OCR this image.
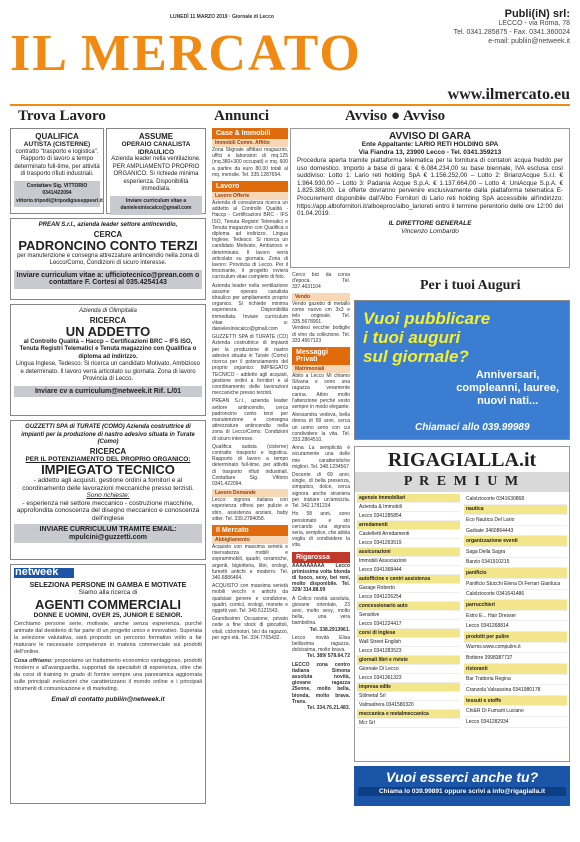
LUNEDÌ 11 MARZO 2019 · Giornale di Lecco
IL MERCATO
Publi(iN) srl:
LECCO - via Roma, 78
Tel. 0341.285875 - Fax. 0341.360024
e-mail: publiin@netweek.it
www.ilmercato.eu
Trova Lavoro	Annunci	Avviso ● Avviso
QUALIFICA
AUTISTA (CISTERNE)
contratto "trasporto e logistica". Rapporto di lavoro a tempo determinato full-time, per attività di trasporto rifiuti industriali.
Contattare Sig. VITTORIO 0341/422094 vittorio.tripodi@tripodigiuseppesrl.it
ASSUME
OPERAIO CANALISTA IDRAULICO
Azienda leader nella ventilazione. PER AMPLIAMENTO PROPRIO ORGANICO. Si richiede minima esperienza. Disponibilità immediata.
Inviare curriculum vitae a danielesiniscalco@gmail.com
PREAN S.r.l., azienda leader settore antincendio,
CERCA
PADRONCINO CONTO TERZI
per manutenzione e consegna attrezzature antincendio nella zona di Lecco/Como, Condizioni di sicuro interesse.
Inviare curriculum vitae a: ufficiotecnico@prean.com o contattare F. Cortesi al 035.4254143
Azienda di Olimpitalia
RICERCA
UN ADDETTO
al Controllo Qualità – Haccp – Certificazioni BRC – IFS ISO, Tenuta Registri Telematici e Tenuta magazzino con Qualifica o diploma ad indirizzo.
Lingua Inglese, Tedesco. Si ricerca un candidato Motivato, Ambizioso e determinato. Il lavoro verrà articolato su giornata. Zona di lavoro Provincia di Lecco.
Inviare cv a curriculum@netweek.it Rif. L/01
GUZZETTI SPA di TURATE (COMO) Azienda costruttrice di impianti per la produzione di nastro adesivo situata in Turate (Como)
RICERCA
PER IL POTENZIAMENTO DEL PROPRIO ORGANICO:
IMPIEGATO TECNICO
- addetto agli acquisti, gestione ordini a fornitori e al coordinamento delle lavorazioni meccaniche presso terzisti.
Sono richieste:
- esperienza nel settore meccanico - costruzione macchine, approfondita conoscenza del disegno meccanico e conoscenza dell'inglese
INVIARE CURRICULUM TRAMITE EMAIL: mpulcini@guzzetti.com
netweek
SELEZIONA PERSONE IN GAMBA E MOTIVATE
Siamo alla ricerca di
AGENTI COMMERCIALI
DONNE E UOMINI, OVER 25, JUNIOR E SENIOR.
Cerchiamo persone serie, motivate, anche senza esperienza, purché animate dal desiderio di far parte di un progetto unico e innovativo. Superata la selezione valutativa, sarà proposto un percorso formativo volto a far maturare le necessarie competenze in materia commerciale sui prodotti dell'online.
Cosa offriamo: proponiamo un trattamento economico vantaggioso, prodotti moderni e all'avanguardia, supportati da specialisti di esperienza, oltre che da corsi di training in grado di fornire sempre una panoramica aggiornata sulle principali evoluzioni che caratterizzano il mondo online e i principali strumenti di comunicazione e di marketing.
Email di contatto publiin@netweek.it
Case & Immobili
Immobili Comm. Affitto
Zona Stignate affittasi magazzini, uffici e laboratori di mq.125 (mq.380+300 occupati) e mq. 600 a partire da euro 80,00 totali al mq. mensile. Tel. 335.1287654.
Lavoro
Lavoro Offerte
Azienda di consulenza ricerca un addetto al Controllo Qualità - Haccp - Certificazioni BRC - IFS ISO, Tenuta Registri Telematici e Tenuta magazzino con Qualifica o diploma ad indirizzo. Lingua Inglese, Tedesco. Si ricerca un candidato Motivato, Ambizioso e determinato. Il lavoro verrà articolato su giornata. Zona di lavoro: Provincia di Lecco. Per il tirocinante, il progetto invierà curriculum vitae completo di foto.
Azienda leader nella ventilazione assume operaio canalista idraulico per ampliamento proprio organico. Si richiede minima esperienza. Disponibilità immediata. Inviare curriculum vitae a: danielesiniscalco@gmail.com
GUZZETTI SPA di TURATE (CO) Azienda costruttrice di impianti per la produzione di nastro adesivo situata in Turate (Como) ricerca per il potenziamento del proprio organico: IMPIEGATO TECNICO - addetto agli acquisti, gestione ordini a fornitori e al coordinamento delle lavorazioni meccaniche presso terzisti.
PREAN S.r.l., azienda leader settore antincendio, cerca padroncino conto terzi per manutenzione e consegna attrezzature antincendio nella zona di Lecco/Como. Condizioni di sicuro interesse.
Qualifica autista (cisterne) contratto trasporto e logistica. Rapporto di lavoro a tempo determinato full-time, per attività di trasporto rifiuti industriali. Contattare Sig. Vittorio 0341.422094.
Lavoro Domande
Lecco: signora italiana con esperienza offresi per pulizie e stiro, assistenza anziani, baby sitter. Tel. 339.2784058.
Il Mercato
Abbigliamento
Acquisto con massima serietà e riservatezza mobili e soprammobili, quadri, ceramiche, argenti, bigiotteria, libri, orologi, fumetti antichi e moderni. Tel. 340.6886464.
ACQUISTO con massima serietà mobili vecchi e antichi da qualsiasi genere e condizione, quadri, cornici, orologi, monete e oggetti vari. Tel. 349.5121543.
Grandissimo Occasione, privato cede a fine stock di giocattoli, vitali, ciclomotori, bici da ragazzo, per ogni età. Tel. 334.7765432.
Cerco bici da corsa d'epoca. Tel. 337.4631104
Vendo
Vendo gazebo di metallo come nuovo cm 3x3 e telo originale. Tel. 335.5678901.
Vendesi vecchie bottiglie di vino da collezione. Tel. 333.4567123
Messaggi Privati
Matrimoniali
Abito a Lecco Mi chiamo Silvana e sono una ragazza veramente carina. Attiro molto l'attenzione perché vesto sempre in modo elegante.
Alessandra vedova, bella donna di 58 anni, cerca un uomo serio con cui condividere la vita. Tel. 333.2864510.
Anna La semplicità è sicuramente una delle mie caratteristiche migliori. Tel. 348.1234567
Docente di 69 anni, single, di bella presenza, simpatico, dolce, cerca signora anche straniera per iniziare un'amicizia. Tel. 342.1781234
Ho 58 anni, sono pensionato e sto cercando una signora seria, semplice, che abbia voglia di condividere la vita.
Rigarossa
AAAAAAAAA Lecco primissima volta bionda di fuoco, sexy, bei reni, molto disponibile. Tel. 329/ 314.88.09
A Colico novità assoluta, giovane orientale, 23 anni, molto sexy, molto bella, una vera bambolina.
Tel. 338.2913961.
Lecco novità Elisa bellissima ragazza, dolcissima, molto brava.
Tel. 389/ 578.64.72
LECCO zona centro italiana Simona assoluta novità, giovane ragazza 25enne, molto bella, bionda, molto brava. Trans.
Tel. 334.76.21.483.
AVVISO DI GARA
Ente Appaltante: LARIO RETI HOLDING SPA
Via Fiandra 13, 23900 Lecco - Tel. 0341.359213
Procedura aperta tramite piattaforma telematica per la fornitura di contatori acqua freddo per uso domestico. Importo a base di gara: € 6.084.234,00 su base biennale, IVA esclusa così suddiviso: Lotto 1: Lario reti holding SpA € 1.156.252,00 – Lotto 2: BrianzAcque S.r.l. € 1.964.930,00 – Lotto 3: Padania Acque S.p.A. € 1.137.664,00 – Lotto 4: UniAcque S.p.A. € 1.825.388,00. Le offerte dovranno pervenire esclusivamente dalla piattaforma telematica E-Procurement disponibile dall'Albo Fornitori di Lario reti holding SpA accessibile all'indirizzo: https://app.albofornitori.it/alboeproc/albo_larioreti entro il termine perentorio delle ore 12:00 del 01.04.2019.
IL DIRETTORE GENERALE
Vincenzo Lombardo
Per i tuoi Auguri
Vuoi pubblicare
i tuoi auguri
sul giornale?
Anniversari,
compleanni, lauree,
nuovi nati...
Chiamaci allo 039.99989
RIGAGIALLA.it
P R E M I U M
agenzie immobiliari
Azienda & Immobili
Lecco 0341285854
arredamenti
Castelletti Arredamenti
Lecco 0341263519
assicurazioni
Immobili Associazioni
Lecco 0341368444
autofficine e centri assistenza
Garage Roberto
Lecco 0341226254
concessionario auto
Sensitive
Lecco 0341224417
corsi di inglese
Wall Street English
Lecco 0341283523
giornali libri e riviste
Giornale Di Lecco
Lecco 0341361323
impresa edile
Stilmetal Srl
Valmadrera 0341580320
meccanica e metalmeccanica
Mcr Srl
Calolziocorte 0341630868
nautica
Eco Nautica Del Lario
Garbate 3460864443
organizzazione eventi
Saga Della Sagra
Barzio 0341910215
panificio
Panificio Stucchi Elena Di Ferrari Gianluca
Calolziocorte 0341641486
parrucchieri
Estro E... Hair Dresser
Lecco 0341268814
prodotti per pulire
Wurms.www.compulire.it
Bottiere 3998387737
ristoranti
Bar Trattoria Regina
Cranzola Valsassina 0341980178
tessuti e stoffe
Chi&R Di Fumarti Luciano
Lecco 0341282934
Vuoi esserci anche tu?
Chiama lo 039.99891 oppure scrivi a info@rigagialla.it
